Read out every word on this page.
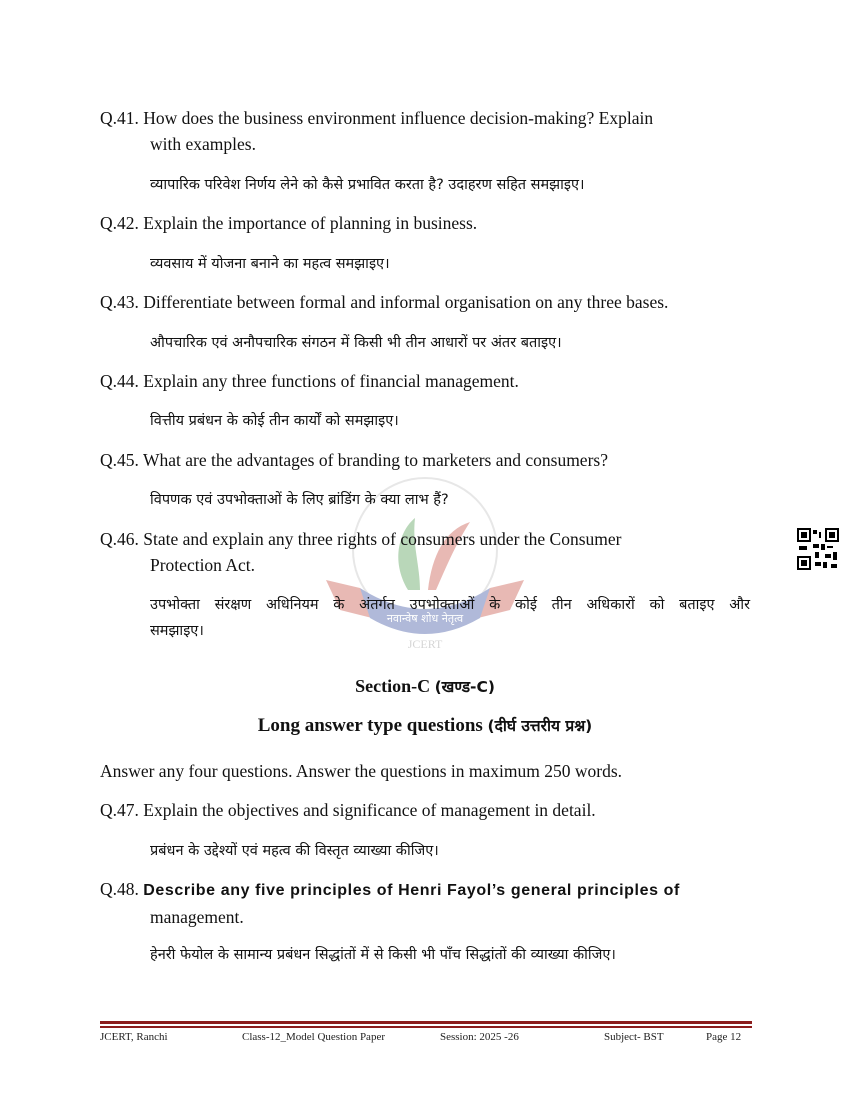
नवान्वेष शोध नेतृत्व
JCERT
Q.41. How does the business environment influence decision-making? Explain
with examples.
व्यापारिक परिवेश निर्णय लेने को कैसे प्रभावित करता है? उदाहरण सहित समझाइए।
Q.42. Explain the importance of planning in business.
व्यवसाय में योजना बनाने का महत्व समझाइए।
Q.43. Differentiate between formal and informal organisation on any three bases.
औपचारिक एवं अनौपचारिक संगठन में किसी भी तीन आधारों पर अंतर बताइए।
Q.44. Explain any three functions of financial management.
वित्तीय प्रबंधन के कोई तीन कार्यों को समझाइए।
Q.45. What are the advantages of branding to marketers and consumers?
विपणक एवं उपभोक्ताओं के लिए ब्रांडिंग के क्या लाभ हैं?
Q.46. State and explain any three rights of consumers under the Consumer
Protection Act.
उपभोक्ता संरक्षण अधिनियम के अंतर्गत उपभोक्ताओं के कोई तीन अधिकारों को बताइए और
समझाइए।
Section-C (खण्ड-C)
Long answer type questions (दीर्घ उत्तरीय प्रश्न)
Answer any four questions. Answer the questions in maximum 250 words.
Q.47. Explain the objectives and significance of management in detail.
प्रबंधन के उद्देश्यों एवं महत्व की विस्तृत व्याख्या कीजिए।
Q.48. Describe any five principles of Henri Fayol’s general principles of
management.
हेनरी फेयोल के सामान्य प्रबंधन सिद्धांतों में से किसी भी पाँच सिद्धांतों की व्याख्या कीजिए।
JCERT, Ranchi	Class-12_Model Question Paper	Session: 2025 -26	Subject- BST	Page 12
